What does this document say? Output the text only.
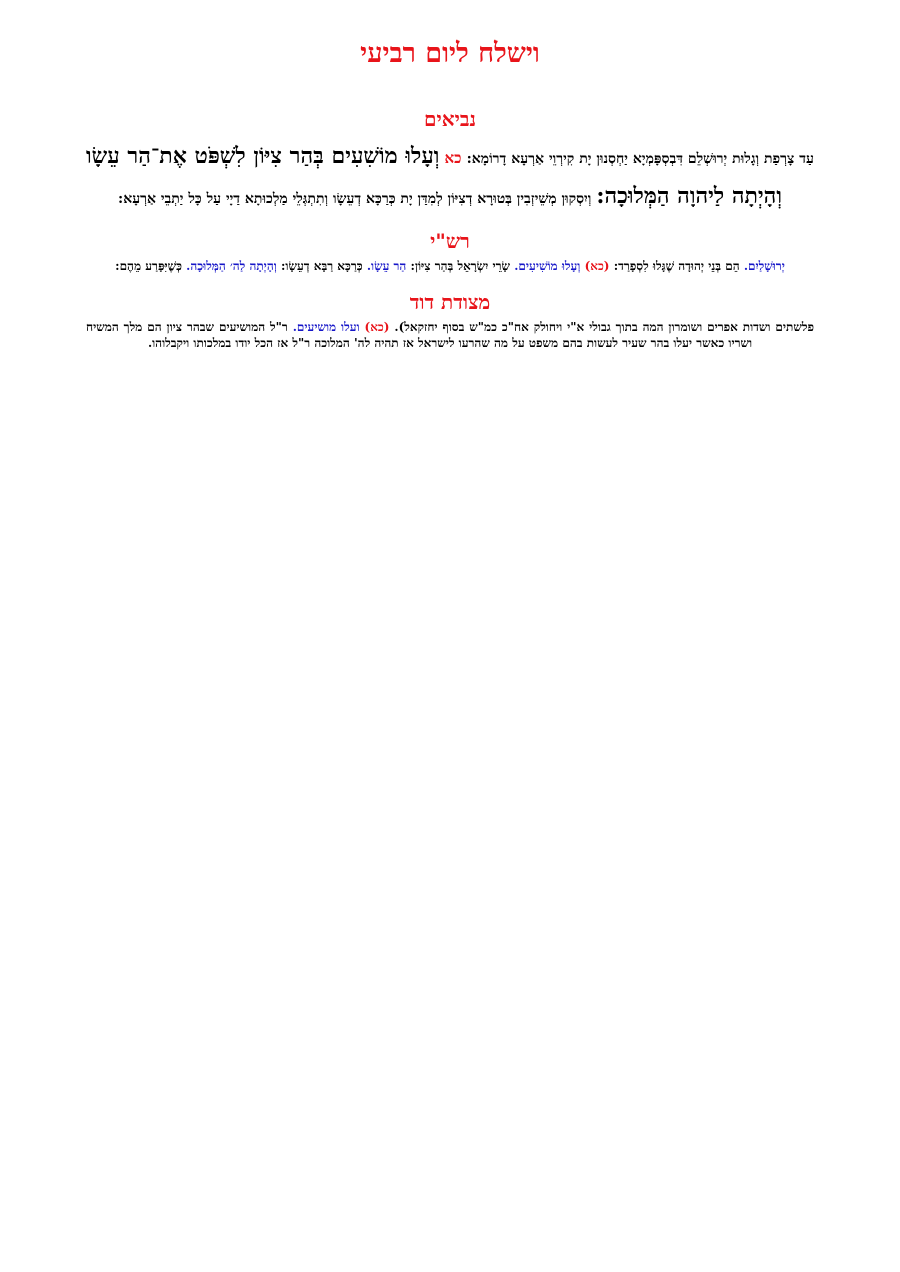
וישלח ליום רביעי
נביאים

עַד צָרְפַת וְגָלוּת יְרוּשְׁלֵם דִּבְסְפָּמְיָא יַחְסְנוּן יָת קִירְוֵי אַרְעָא דָרוֹמָא: כא וְעָלוּ מוֹשִׁעִים בְּהַר צִיּוֹן לִשְׁפֹּט אֶת־הַר עֵשָׂו וְהָיְתָה לַיהוָה הַמְּלוּכָה: וְיִסְקוּן מְשֵׁיזְבִין בְּטוּרָא דְצִיּוֹן לְמִדַּן יָת כְּרַכָּא דְעֵשָׂו וְתִתְגְּלֵי מַלְכוּתָא דַיָי עַל כָּל יַתְבֵי אַרְעָא:

רש"י

יְרוּשָׁלַיִם. הֵם בְּנֵי יְהוּדָה שֶׁגָּלוּ לִסְפָרַד: (כא) וְעָלוּ מוֹשִׁיעִים. שָׂרֵי יִשְׂרָאֵל בְּהַר צִיּוֹן: הַר עֵשָׂו. כְּרַכָּא רַבָּא דְעֵשָׂו: וְהָיְתָה לַה׳ הַמְּלוּכָה. כְּשֶׁיִּפָּרַע מֵהֶם:

מצודת דוד

פלשתים ושדות אפרים ושומרון המה בתוך גבולי א"י ויחולק אח"כ כמ"ש בסוף יחזקאל). (כא) ועלו מושיעים. ר"ל המושיעים שבהר ציון הם מלך המשיח ושריו כאשר יעלו בהר שעיר לעשות בהם משפט על מה שהרעו לישראל אז תהיה לה' המלוכה ר"ל אז הכל יודו במלכותו ויקבלוהו.
